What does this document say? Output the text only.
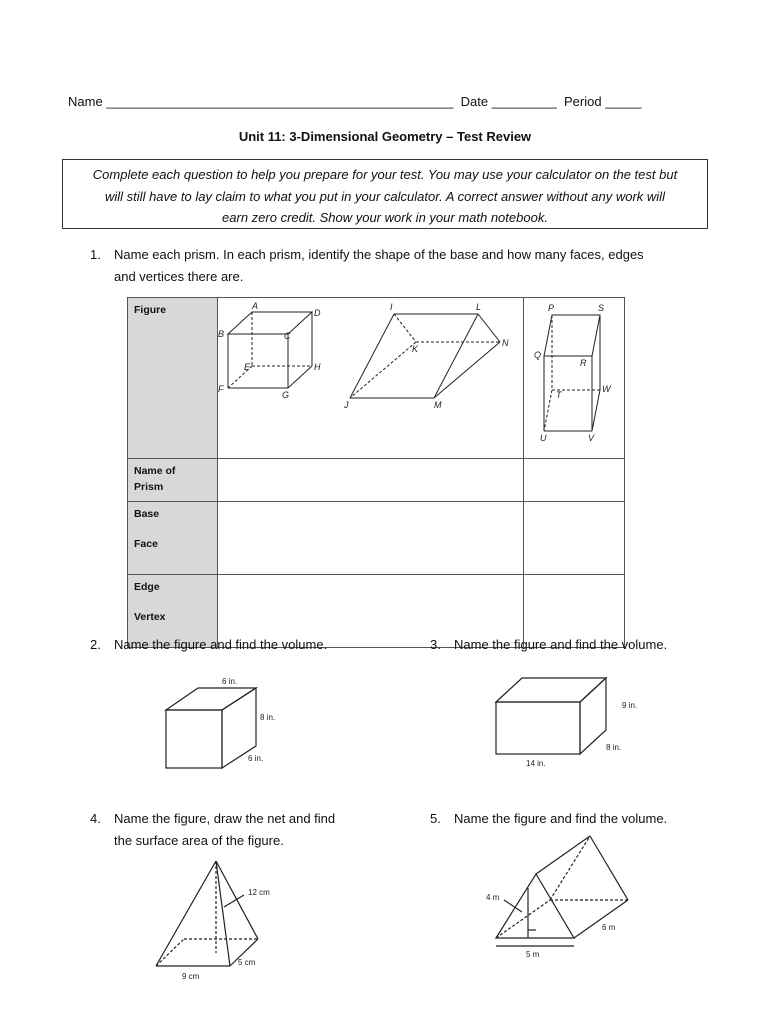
Name ________________________________________________ Date _________ Period _____
Unit 11: 3-Dimensional Geometry – Test Review
Complete each question to help you prepare for your test. You may use your calculator on the test but
will still have to lay claim to what you put in your calculator. A correct answer without any work will
earn zero credit. Show your work in your math notebook.
1. Name each prism. In each prism, identify the shape of the base and how many faces, edges
and vertices there are.
Figure		
Name of
Prism		
Base
Face		
Edge
Vertex		
A
D
B	C
E	H
F
G
I	L
K
N
J	M
P	S
Q
R
T
W
U	V
2. Name the figure and find the volume.
6 in.
8 in.
6 in.
3. Name the figure and find the volume.
9 in.
8 in.
14 in.
4. Name the figure, draw the net and find
the surface area of the figure.
12 cm
5 cm
9 cm
5. Name the figure and find the volume.
4 m
6 m
5 m
